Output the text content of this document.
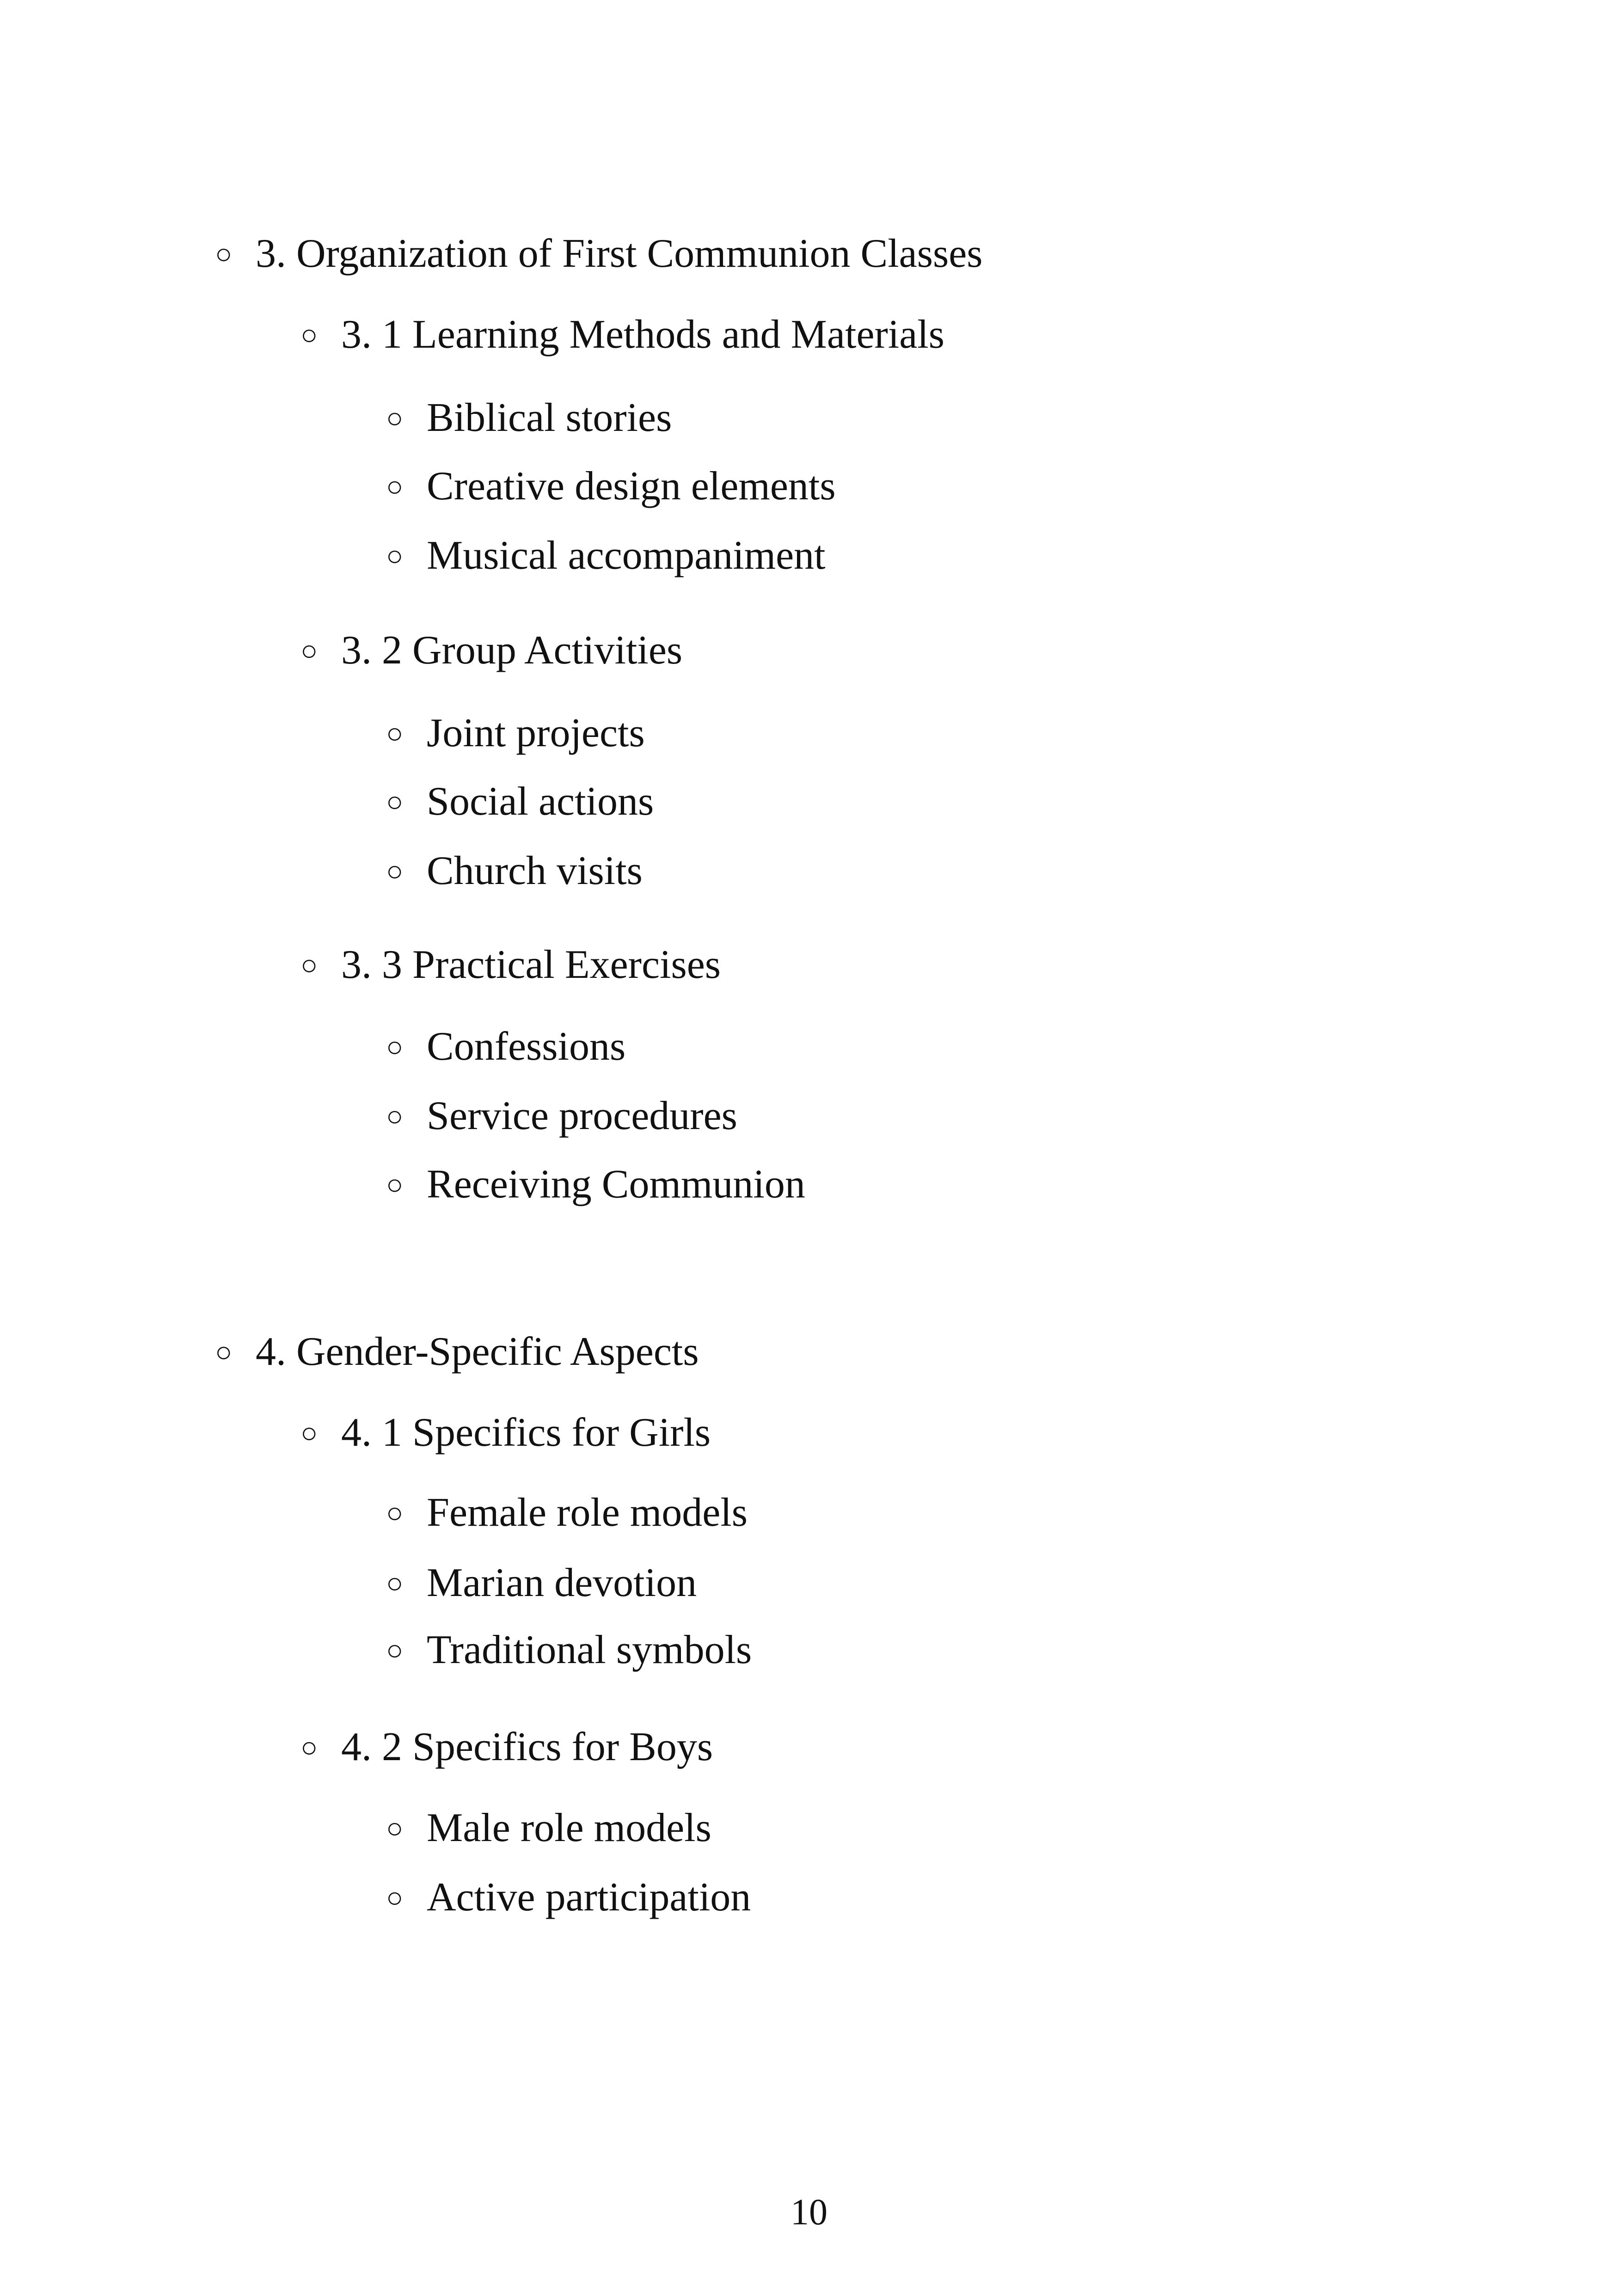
○ 3. Organization of First Communion Classes
○ 3. 1 Learning Methods and Materials
○ Biblical stories
○ Creative design elements
○ Musical accompaniment
○ 3. 2 Group Activities
○ Joint projects
○ Social actions
○ Church visits
○ 3. 3 Practical Exercises
○ Confessions
○ Service procedures
○ Receiving Communion
○ 4. Gender-Specific Aspects
○ 4. 1 Specifics for Girls
○ Female role models
○ Marian devotion
○ Traditional symbols
○ 4. 2 Specifics for Boys
○ Male role models
○ Active participation
10
